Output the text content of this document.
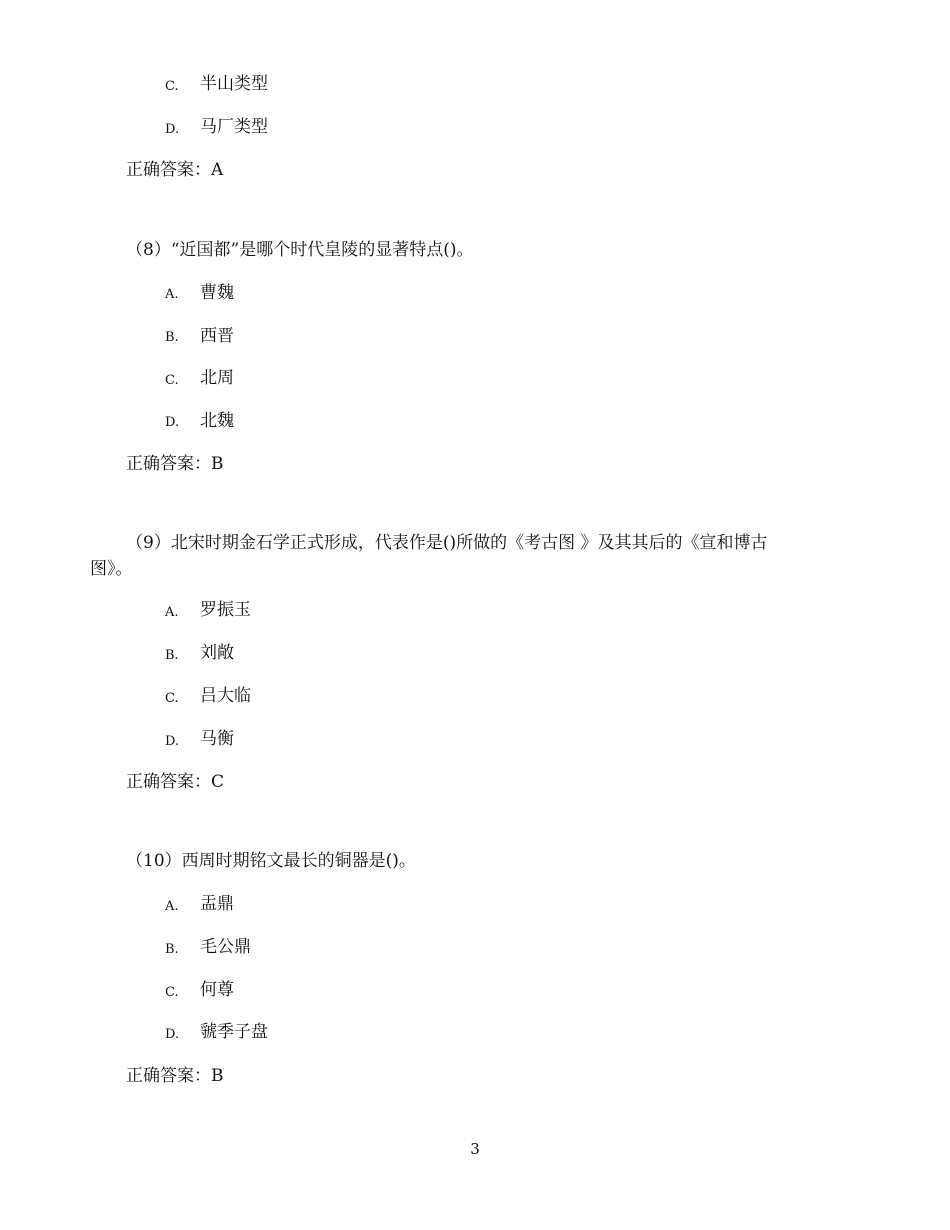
C. 半山类型
D. 马厂类型
正确答案：A
（8）“近国都”是哪个时代皇陵的显著特点()。
A. 曹魏
B. 西晋
C. 北周
D. 北魏
正确答案：B
（9）北宋时期金石学正式形成，代表作是()所做的《考古图 》及其其后的《宣和博古
图》。
A. 罗振玉
B. 刘敞
C. 吕大临
D. 马衡
正确答案：C
（10）西周时期铭文最长的铜器是()。
A. 盂鼎
B. 毛公鼎
C. 何尊
D. 虢季子盘
正确答案：B
3
